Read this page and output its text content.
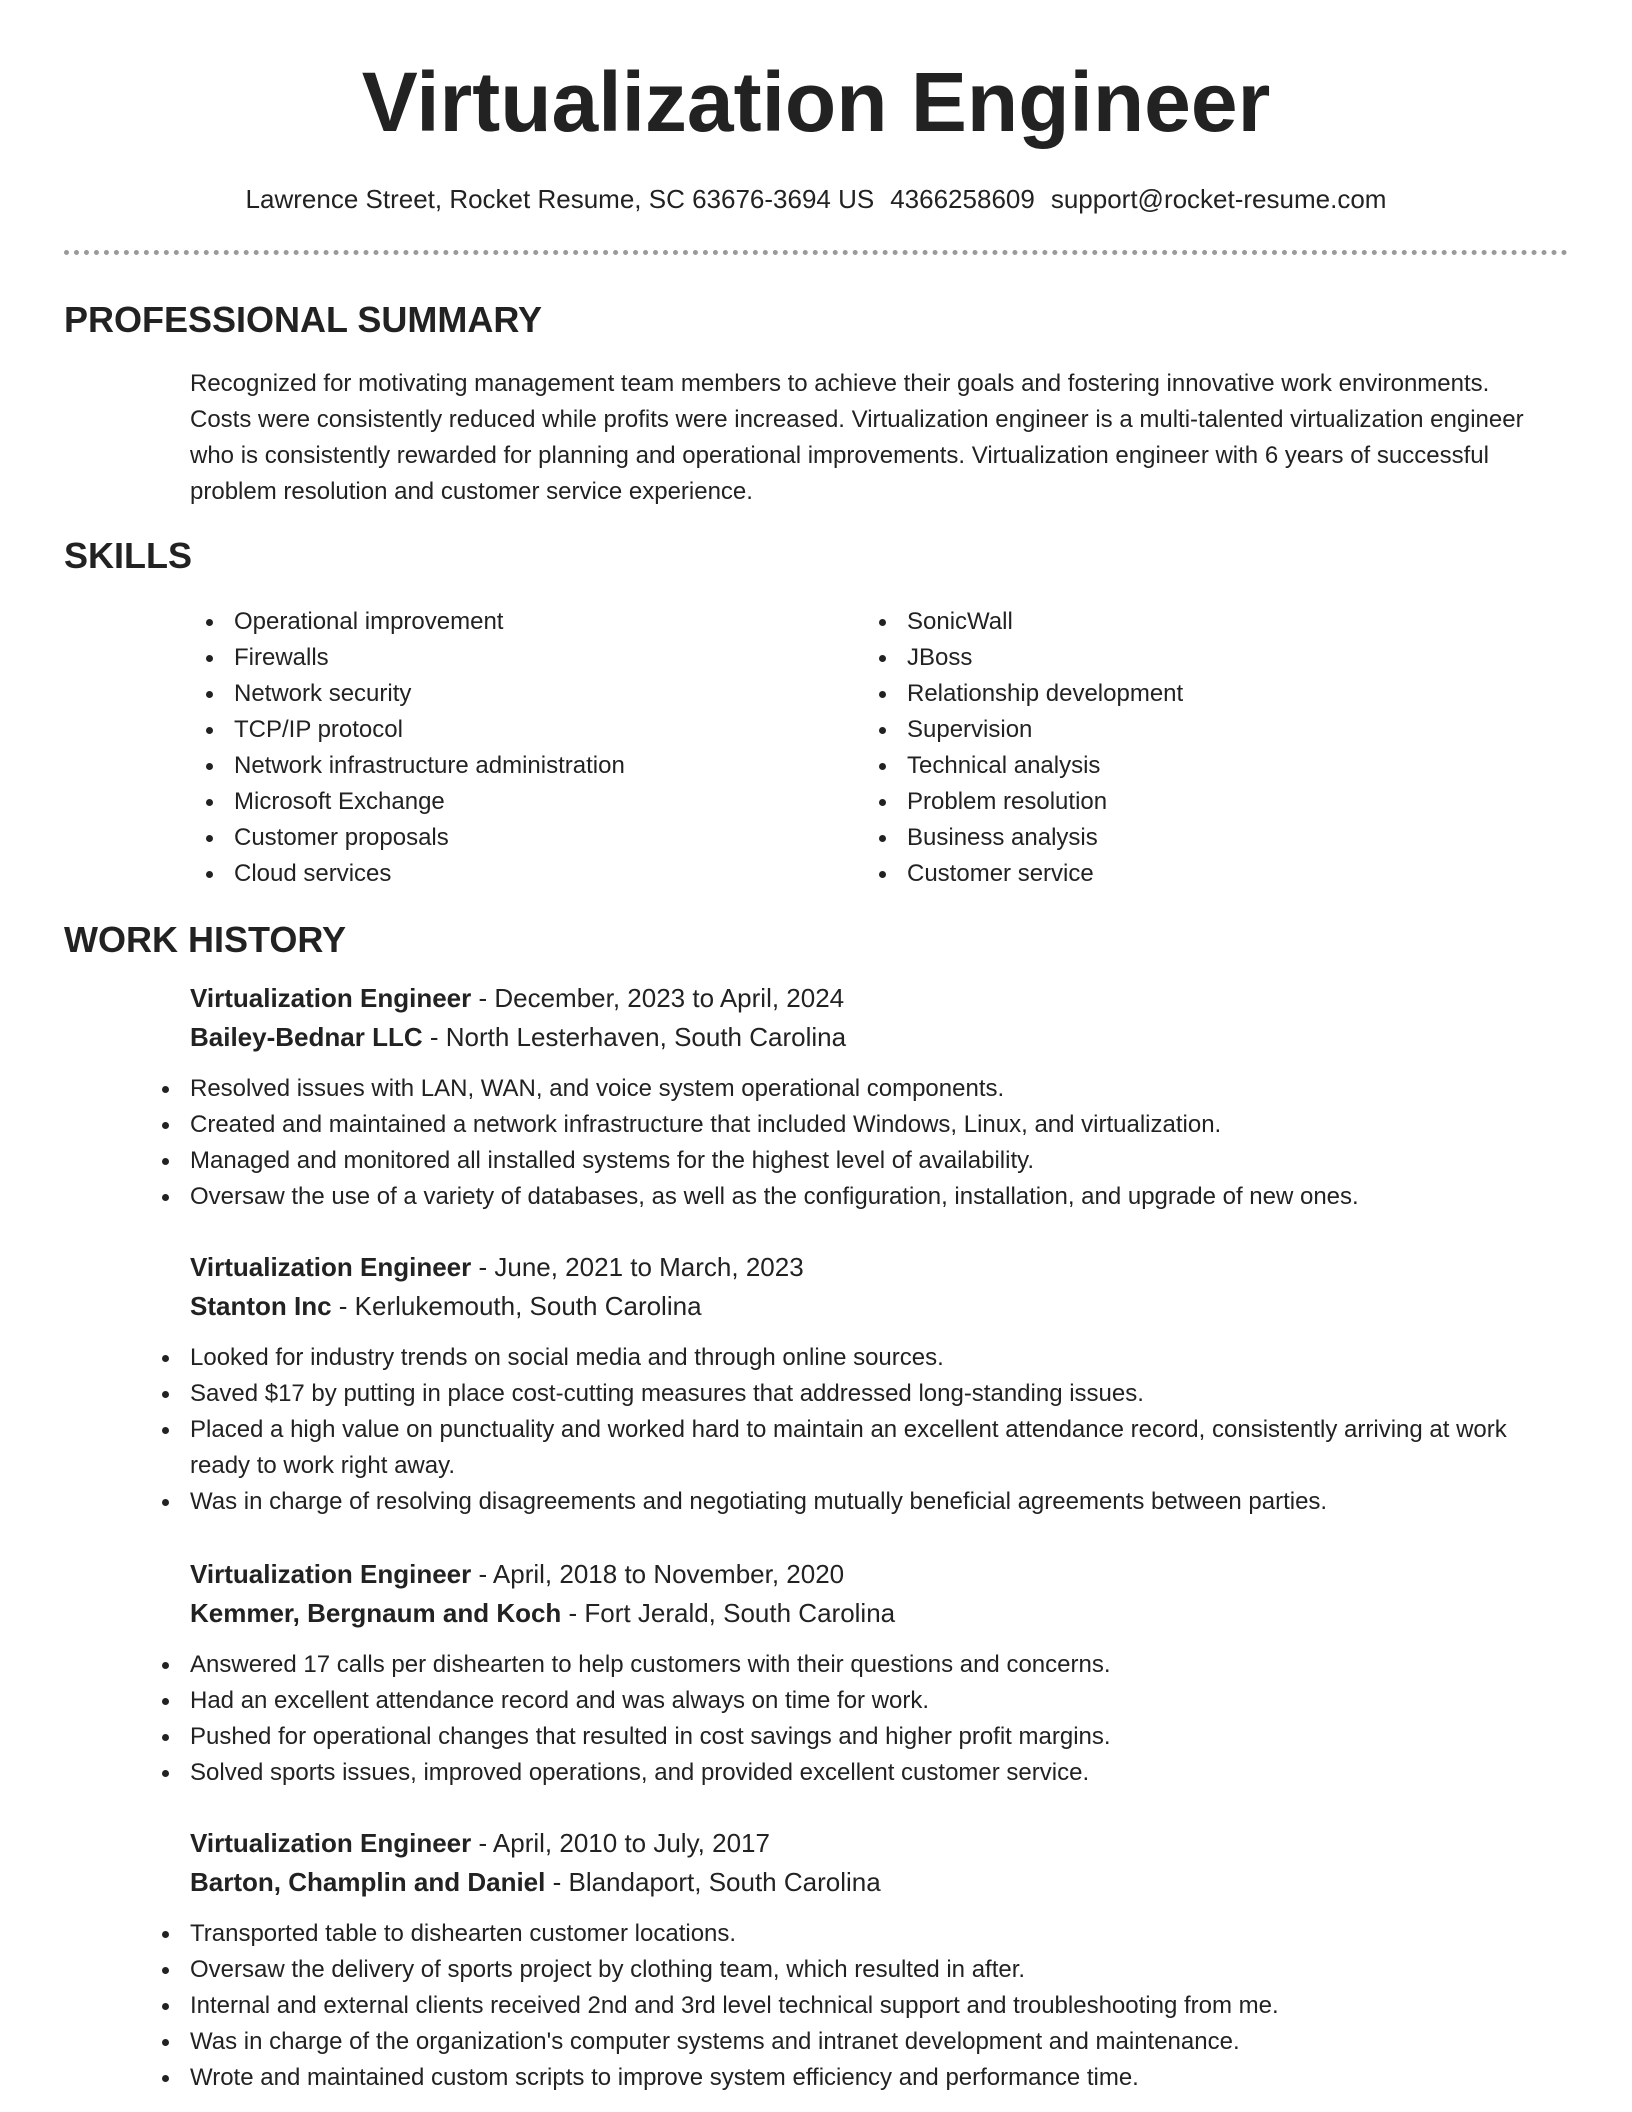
Virtualization Engineer
Lawrence Street, Rocket Resume, SC 63676-3694 US 4366258609 support@rocket-resume.com
PROFESSIONAL SUMMARY

Recognized for motivating management team members to achieve their goals and fostering innovative work environments. Costs were consistently reduced while profits were increased. Virtualization engineer is a multi-talented virtualization engineer who is consistently rewarded for planning and operational improvements. Virtualization engineer with 6 years of successful problem resolution and customer service experience.

SKILLS
Operational improvement
Firewalls
Network security
TCP/IP protocol
Network infrastructure administration
Microsoft Exchange
Customer proposals
Cloud services
SonicWall
JBoss
Relationship development
Supervision
Technical analysis
Problem resolution
Business analysis
Customer service
WORK HISTORY
Virtualization Engineer - December, 2023 to April, 2024
Bailey-Bednar LLC - North Lesterhaven, South Carolina
Resolved issues with LAN, WAN, and voice system operational components.
Created and maintained a network infrastructure that included Windows, Linux, and virtualization.
Managed and monitored all installed systems for the highest level of availability.
Oversaw the use of a variety of databases, as well as the configuration, installation, and upgrade of new ones.
Virtualization Engineer - June, 2021 to March, 2023
Stanton Inc - Kerlukemouth, South Carolina
Looked for industry trends on social media and through online sources.
Saved $17 by putting in place cost-cutting measures that addressed long-standing issues.
Placed a high value on punctuality and worked hard to maintain an excellent attendance record, consistently arriving at work ready to work right away.
Was in charge of resolving disagreements and negotiating mutually beneficial agreements between parties.
Virtualization Engineer - April, 2018 to November, 2020
Kemmer, Bergnaum and Koch - Fort Jerald, South Carolina
Answered 17 calls per dishearten to help customers with their questions and concerns.
Had an excellent attendance record and was always on time for work.
Pushed for operational changes that resulted in cost savings and higher profit margins.
Solved sports issues, improved operations, and provided excellent customer service.
Virtualization Engineer - April, 2010 to July, 2017
Barton, Champlin and Daniel - Blandaport, South Carolina
Transported table to dishearten customer locations.
Oversaw the delivery of sports project by clothing team, which resulted in after.
Internal and external clients received 2nd and 3rd level technical support and troubleshooting from me.
Was in charge of the organization's computer systems and intranet development and maintenance.
Wrote and maintained custom scripts to improve system efficiency and performance time.
